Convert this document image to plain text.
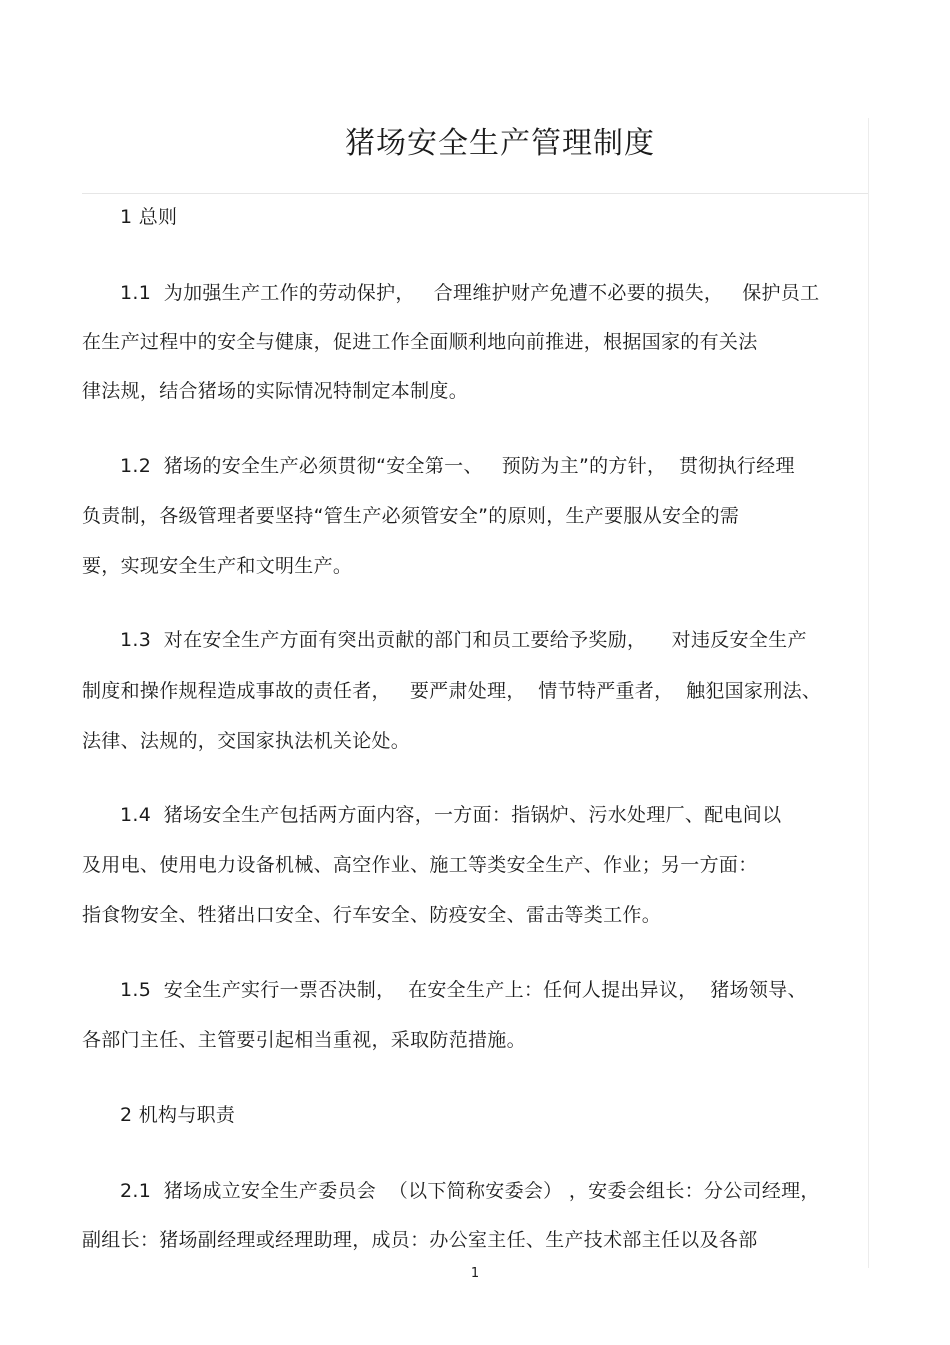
猪场安全生产管理制度
1 总则
1.1  为加强生产工作的劳动保护，   合理维护财产免遭不必要的损失，   保护员工
在生产过程中的安全与健康，促进工作全面顺利地向前推进，根据国家的有关法
律法规，结合猪场的实际情况特制定本制度。
1.2  猪场的安全生产必须贯彻“安全第一、   预防为主”的方针，  贯彻执行经理
负责制，各级管理者要坚持“管生产必须管安全”的原则，生产要服从安全的需
要，实现安全生产和文明生产。
1.3  对在安全生产方面有突出贡献的部门和员工要给予奖励，    对违反安全生产
制度和操作规程造成事故的责任者，   要严肃处理，  情节特严重者，  触犯国家刑法、
法律、法规的，交国家执法机关论处。
1.4  猪场安全生产包括两方面内容，一方面：指锅炉、污水处理厂、配电间以
及用电、使用电力设备机械、高空作业、施工等类安全生产、作业；另一方面：
指食物安全、牲猪出口安全、行车安全、防疫安全、雷击等类工作。
1.5  安全生产实行一票否决制，  在安全生产上：任何人提出异议，  猪场领导、
各部门主任、主管要引起相当重视，采取防范措施。
2 机构与职责
2.1  猪场成立安全生产委员会  （以下简称安委会） ，安委会组长：分公司经理，
副组长：猪场副经理或经理助理，成员：办公室主任、生产技术部主任以及各部
1
